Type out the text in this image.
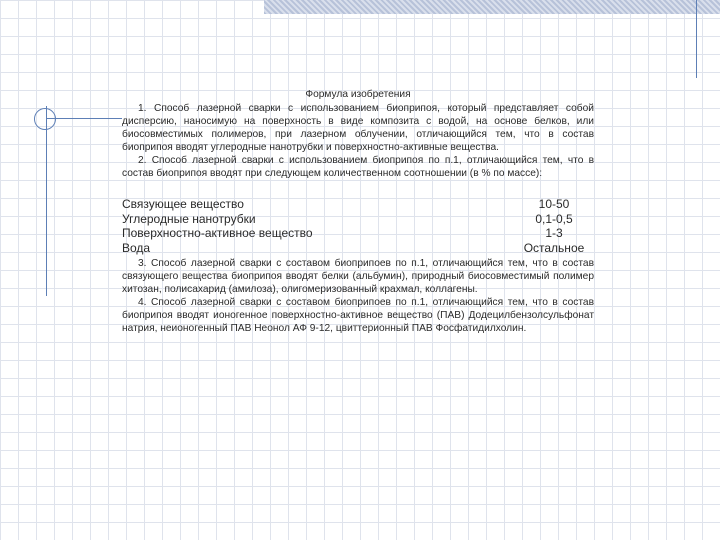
Формула изобретения

1. Способ лазерной сварки с использованием биоприпоя, который представляет собой дисперсию, наносимую на поверхность в виде композита с водой, на основе белков, или биосовместимых полимеров, при лазерном облучении, отличающийся тем, что в состав биоприпоя вводят углеродные нанотрубки и поверхностно-активные вещества.

2. Способ лазерной сварки с использованием биоприпоя по п.1, отличающийся тем, что в состав биоприпоя вводят при следующем количественном соотношении (в % по массе):

Связующее вещество	10-50
Углеродные нанотрубки	0,1-0,5
Поверхностно-активное вещество	1-3
Вода	Остальное

3. Способ лазерной сварки с составом биоприпоев по п.1, отличающийся тем, что в состав связующего вещества биоприпоя вводят белки (альбумин), природный биосовместимый полимер хитозан, полисахарид (амилоза), олигомеризованный крахмал, коллагены.

4. Способ лазерной сварки с составом биоприпоев по п.1, отличающийся тем, что в состав биоприпоя вводят ионогенное поверхностно-активное вещество (ПАВ) Додецилбензолсульфонат натрия, неионогенный ПАВ Неонол АФ 9-12, цвиттерионный ПАВ Фосфатидилхолин.
